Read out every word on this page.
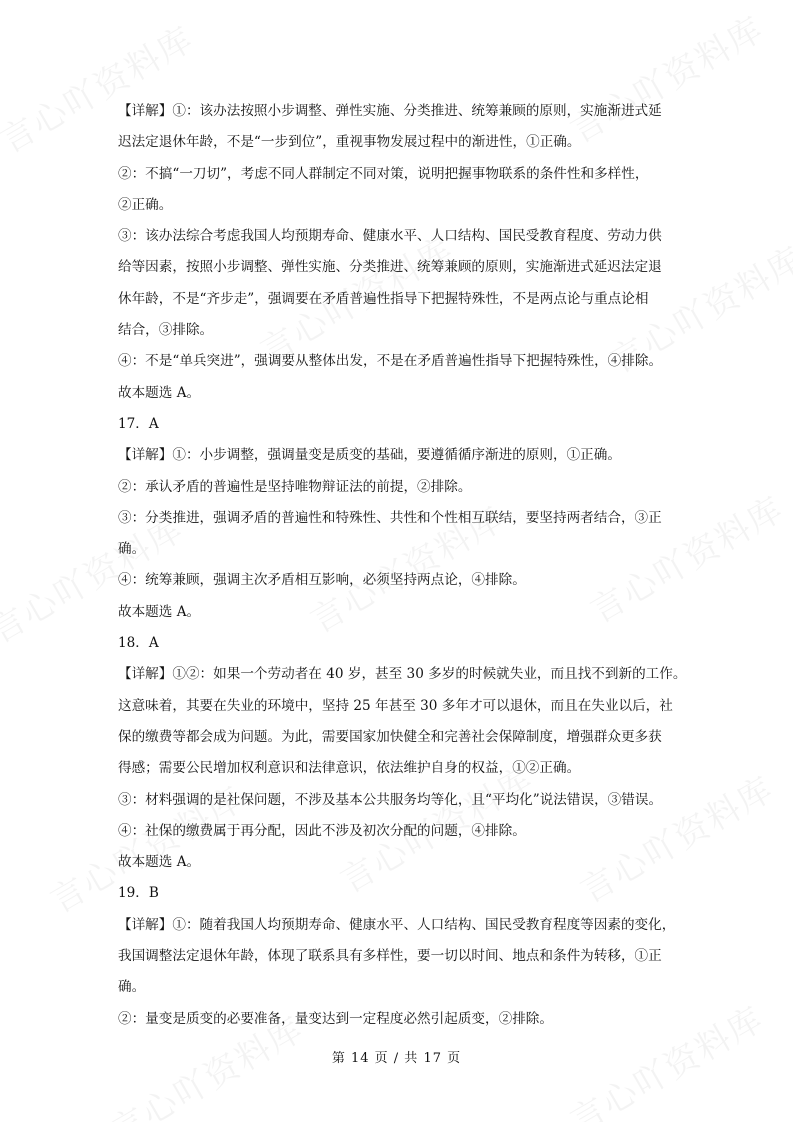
【详解】①：该办法按照小步调整、弹性实施、分类推进、统筹兼顾的原则，实施渐进式延
迟法定退休年龄，不是“一步到位”，重视事物发展过程中的渐进性，①正确。
②：不搞“一刀切”，考虑不同人群制定不同对策，说明把握事物联系的条件性和多样性，
②正确。
③：该办法综合考虑我国人均预期寿命、健康水平、人口结构、国民受教育程度、劳动力供
给等因素，按照小步调整、弹性实施、分类推进、统筹兼顾的原则，实施渐进式延迟法定退
休年龄，不是“齐步走”，强调要在矛盾普遍性指导下把握特殊性，不是两点论与重点论相
结合，③排除。
④：不是“单兵突进”，强调要从整体出发，不是在矛盾普遍性指导下把握特殊性，④排除。
故本题选 A。
17．A
【详解】①：小步调整，强调量变是质变的基础，要遵循循序渐进的原则，①正确。
②：承认矛盾的普遍性是坚持唯物辩证法的前提，②排除。
③：分类推进，强调矛盾的普遍性和特殊性、共性和个性相互联结，要坚持两者结合，③正
确。
④：统筹兼顾，强调主次矛盾相互影响，必须坚持两点论，④排除。
故本题选 A。
18．A
【详解】①②：如果一个劳动者在 40 岁，甚至 30 多岁的时候就失业，而且找不到新的工作。
这意味着，其要在失业的环境中，坚持 25 年甚至 30 多年才可以退休，而且在失业以后，社
保的缴费等都会成为问题。为此，需要国家加快健全和完善社会保障制度，增强群众更多获
得感；需要公民增加权利意识和法律意识，依法维护自身的权益，①②正确。
③：材料强调的是社保问题，不涉及基本公共服务均等化，且“平均化”说法错误，③错误。
④：社保的缴费属于再分配，因此不涉及初次分配的问题，④排除。
故本题选 A。
19．B
【详解】①：随着我国人均预期寿命、健康水平、人口结构、国民受教育程度等因素的变化，
我国调整法定退休年龄，体现了联系具有多样性，要一切以时间、地点和条件为转移，①正
确。
②：量变是质变的必要准备，量变达到一定程度必然引起质变，②排除。
第 14 页 / 共 17 页
